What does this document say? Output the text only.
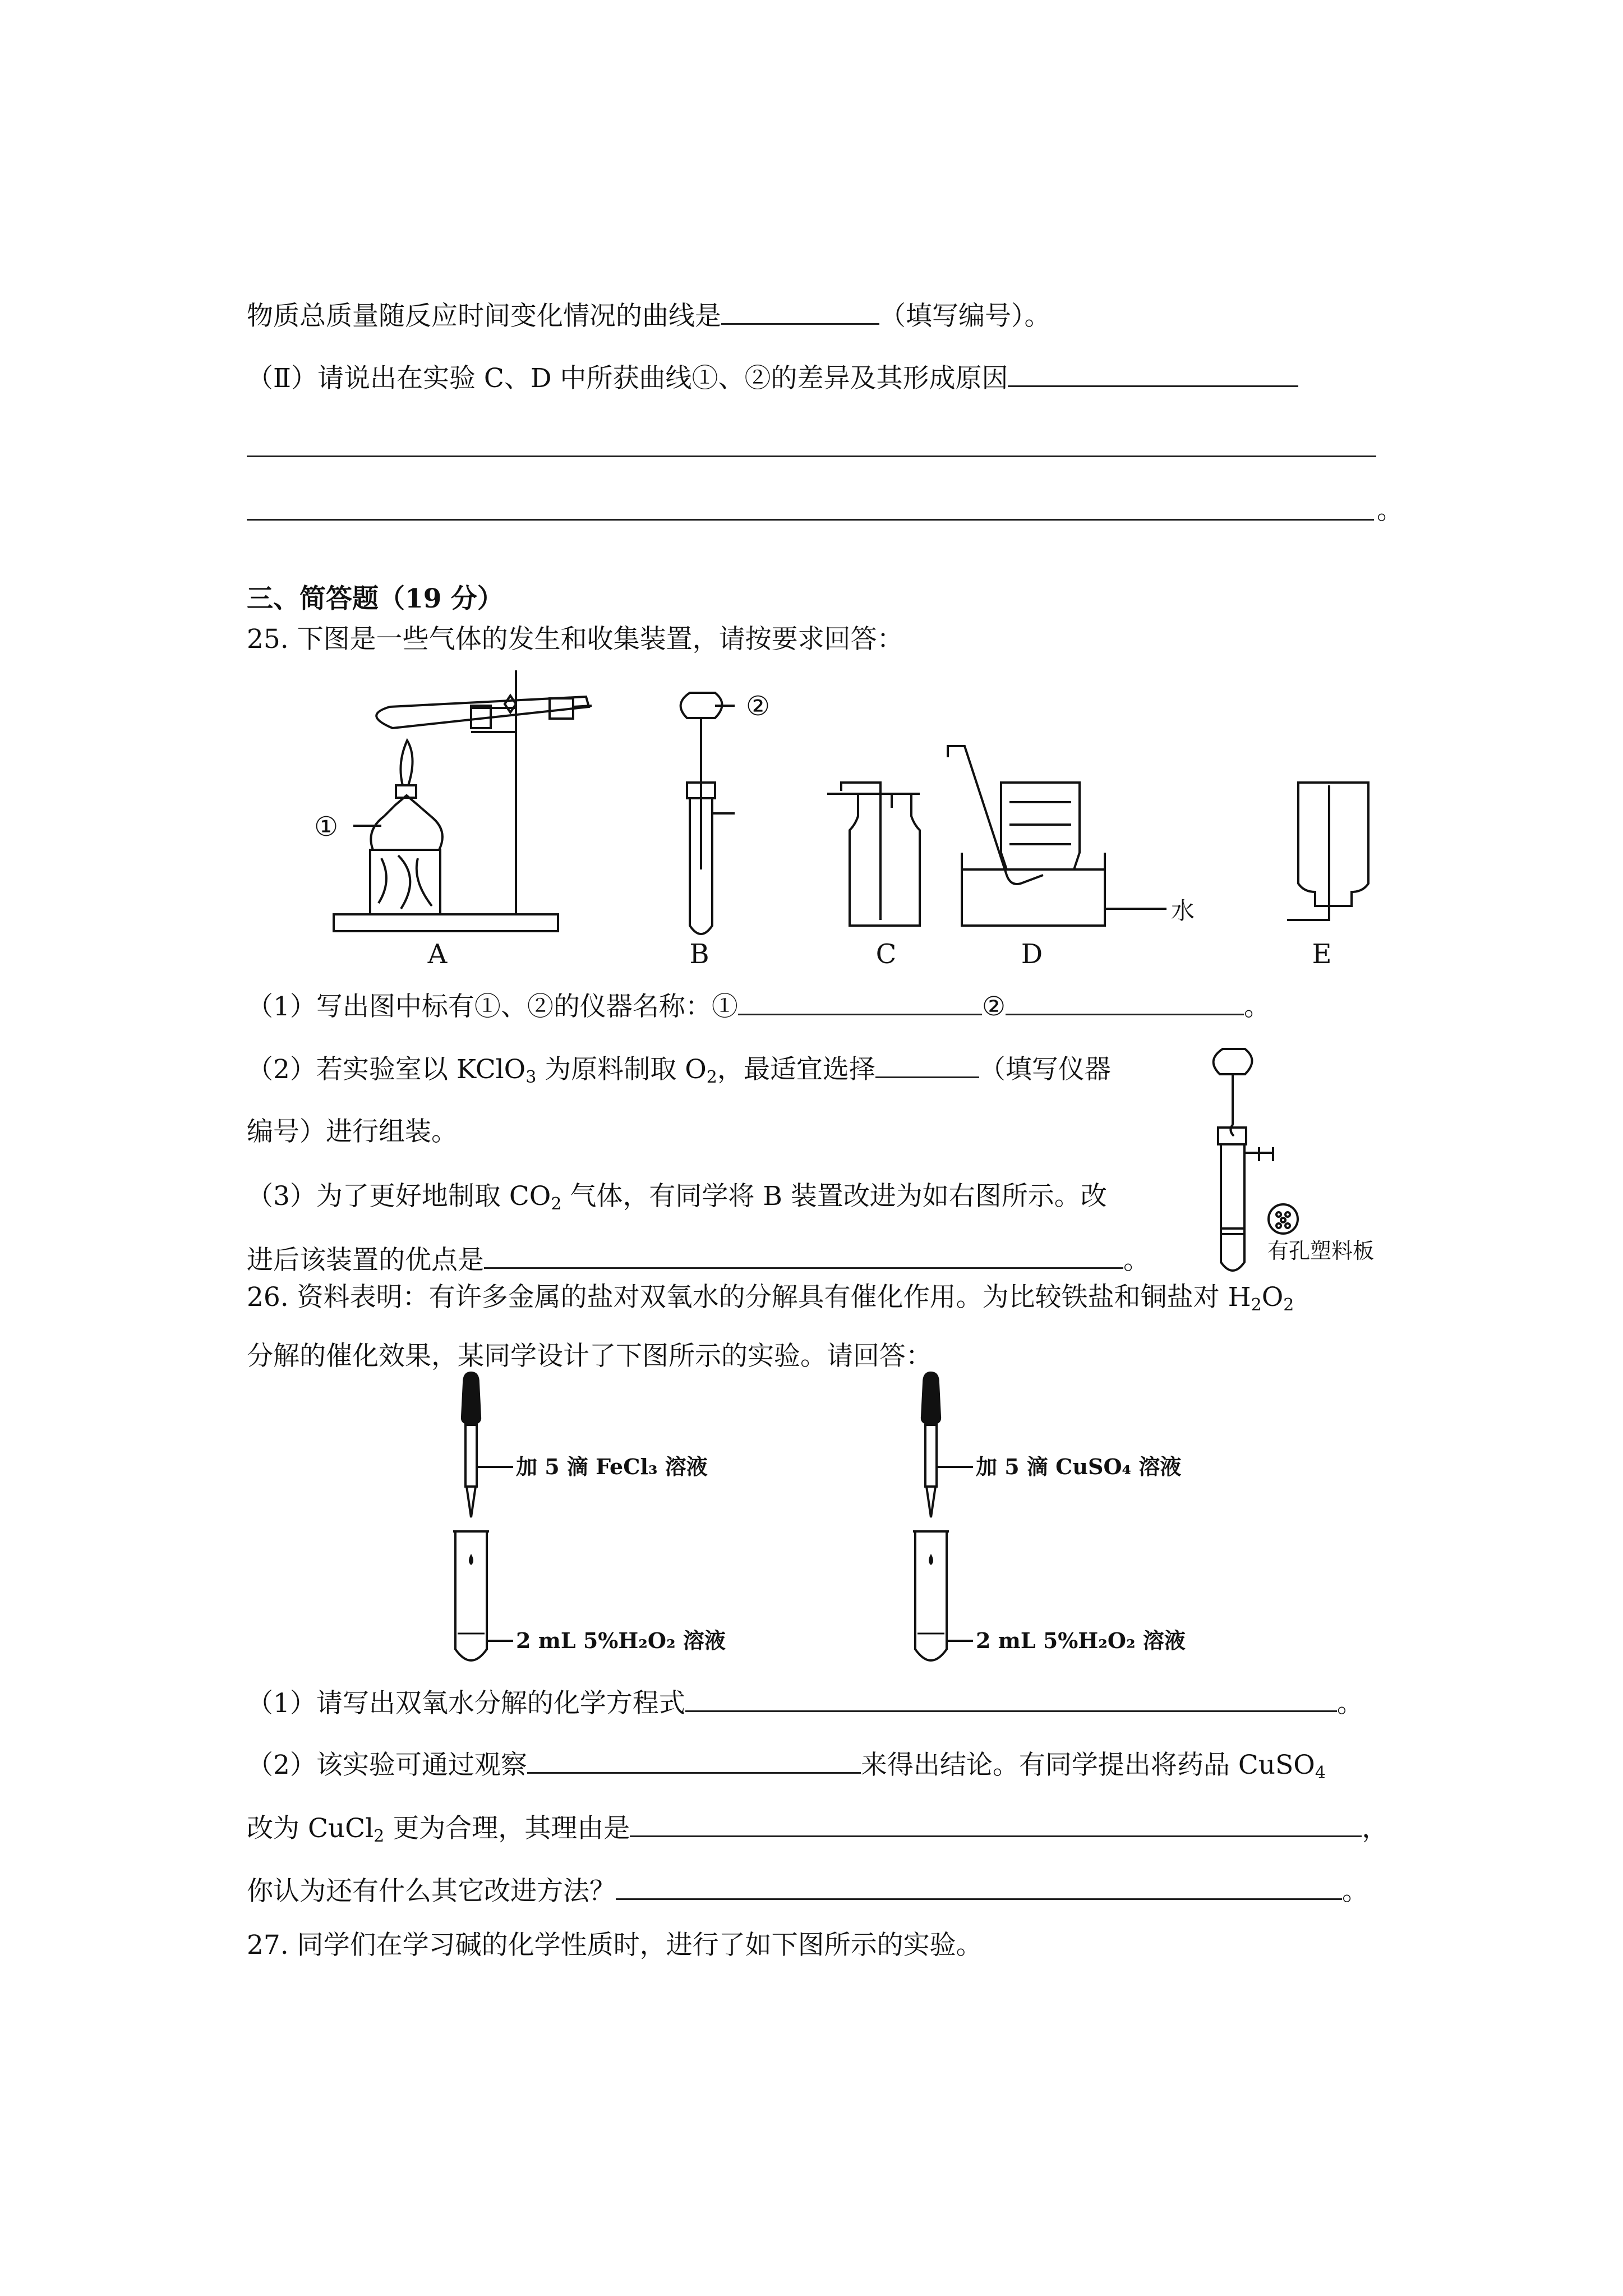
物质总质量随反应时间变化情况的曲线是	（填写编号）。
（Ⅱ）请说出在实验 C、D 中所获曲线①、②的差异及其形成原因
。
三、简答题（19 分）
25. 下图是一些气体的发生和收集装置，请按要求回答：
A	B	C	D	E
①
②
水
（1）写出图中标有①、②的仪器名称：①	②	。
（2）若实验室以 KClO$_3$ 为原料制取 $O_2$，最适宜选择	（填写仪器
编号）进行组装。
（3）为了更好地制取 $CO_2$ 气体，有同学将 B 装置改进为如右图所示。改
进后该装置的优点是	。	有孔塑料板
26. 资料表明：有许多金属的盐对双氧水的分解具有催化作用。为比较铁盐和铜盐对 $H_2O_2$
分解的催化效果，某同学设计了下图所示的实验。请回答：
加 5 滴 FeCl₃ 溶液
2 mL 5%H₂O₂ 溶液
加 5 滴 CuSO₄ 溶液
2 mL 5%H₂O₂ 溶液
（1）请写出双氧水分解的化学方程式	。
（2）该实验可通过观察	来得出结论。有同学提出将药品 CuSO$_4$
改为 CuCl$_2$ 更为合理，其理由是	，
你认为还有什么其它改进方法？	。
27. 同学们在学习碱的化学性质时，进行了如下图所示的实验。
